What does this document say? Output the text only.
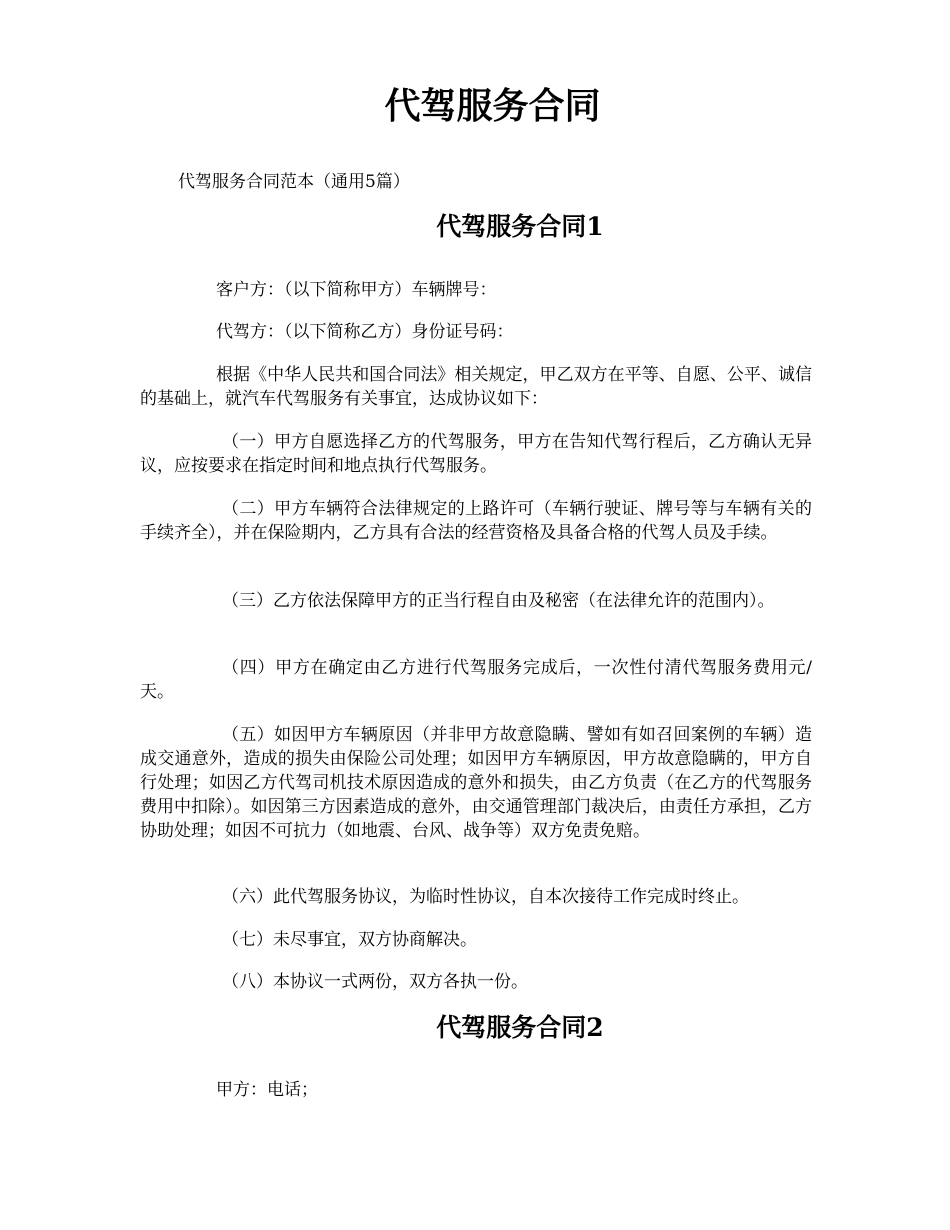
代驾服务合同

代驾服务合同范本（通用5篇）

代驾服务合同1

客户方：（以下简称甲方）车辆牌号：

代驾方：（以下简称乙方）身份证号码：

根据《中华人民共和国合同法》相关规定，甲乙双方在平等、自愿、公平、诚信的基础上，就汽车代驾服务有关事宜，达成协议如下：

（一）甲方自愿选择乙方的代驾服务，甲方在告知代驾行程后，乙方确认无异议，应按要求在指定时间和地点执行代驾服务。

（二）甲方车辆符合法律规定的上路许可（车辆行驶证、牌号等与车辆有关的手续齐全），并在保险期内，乙方具有合法的经营资格及具备合格的代驾人员及手续。

（三）乙方依法保障甲方的正当行程自由及秘密（在法律允许的范围内）。

（四）甲方在确定由乙方进行代驾服务完成后，一次性付清代驾服务费用元/天。

（五）如因甲方车辆原因（并非甲方故意隐瞒、譬如有如召回案例的车辆）造成交通意外，造成的损失由保险公司处理；如因甲方车辆原因，甲方故意隐瞒的，甲方自行处理；如因乙方代驾司机技术原因造成的意外和损失，由乙方负责（在乙方的代驾服务费用中扣除）。如因第三方因素造成的意外，由交通管理部门裁决后，由责任方承担，乙方协助处理；如因不可抗力（如地震、台风、战争等）双方免责免赔。

（六）此代驾服务协议，为临时性协议，自本次接待工作完成时终止。

（七）未尽事宜，双方协商解决。

（八）本协议一式两份，双方各执一份。

代驾服务合同2

甲方：电话；
